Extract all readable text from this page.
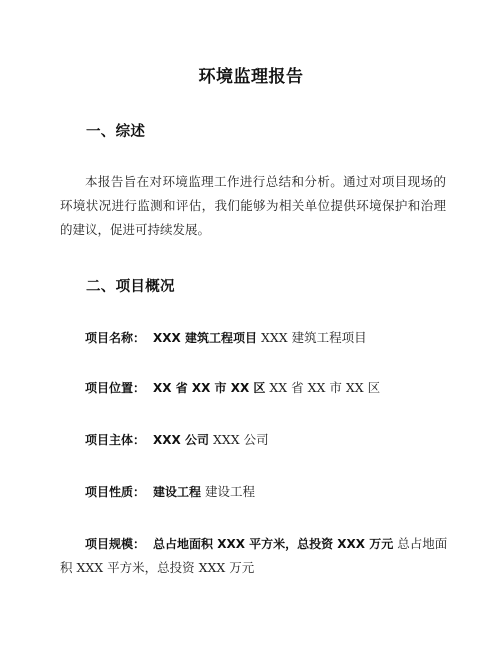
环境监理报告
一、综述
本报告旨在对环境监理工作进行总结和分析。通过对项目现场的环境状况进行监测和评估，我们能够为相关单位提供环境保护和治理的建议，促进可持续发展。
二、项目概况
项目名称： XXX 建筑工程项目 XXX 建筑工程项目
项目位置： XX 省 XX 市 XX 区 XX 省 XX 市 XX 区
项目主体： XXX 公司 XXX 公司
项目性质： 建设工程 建设工程
项目规模： 总占地面积 XXX 平方米，总投资 XXX 万元 总占地面积 XXX 平方米，总投资 XXX 万元
